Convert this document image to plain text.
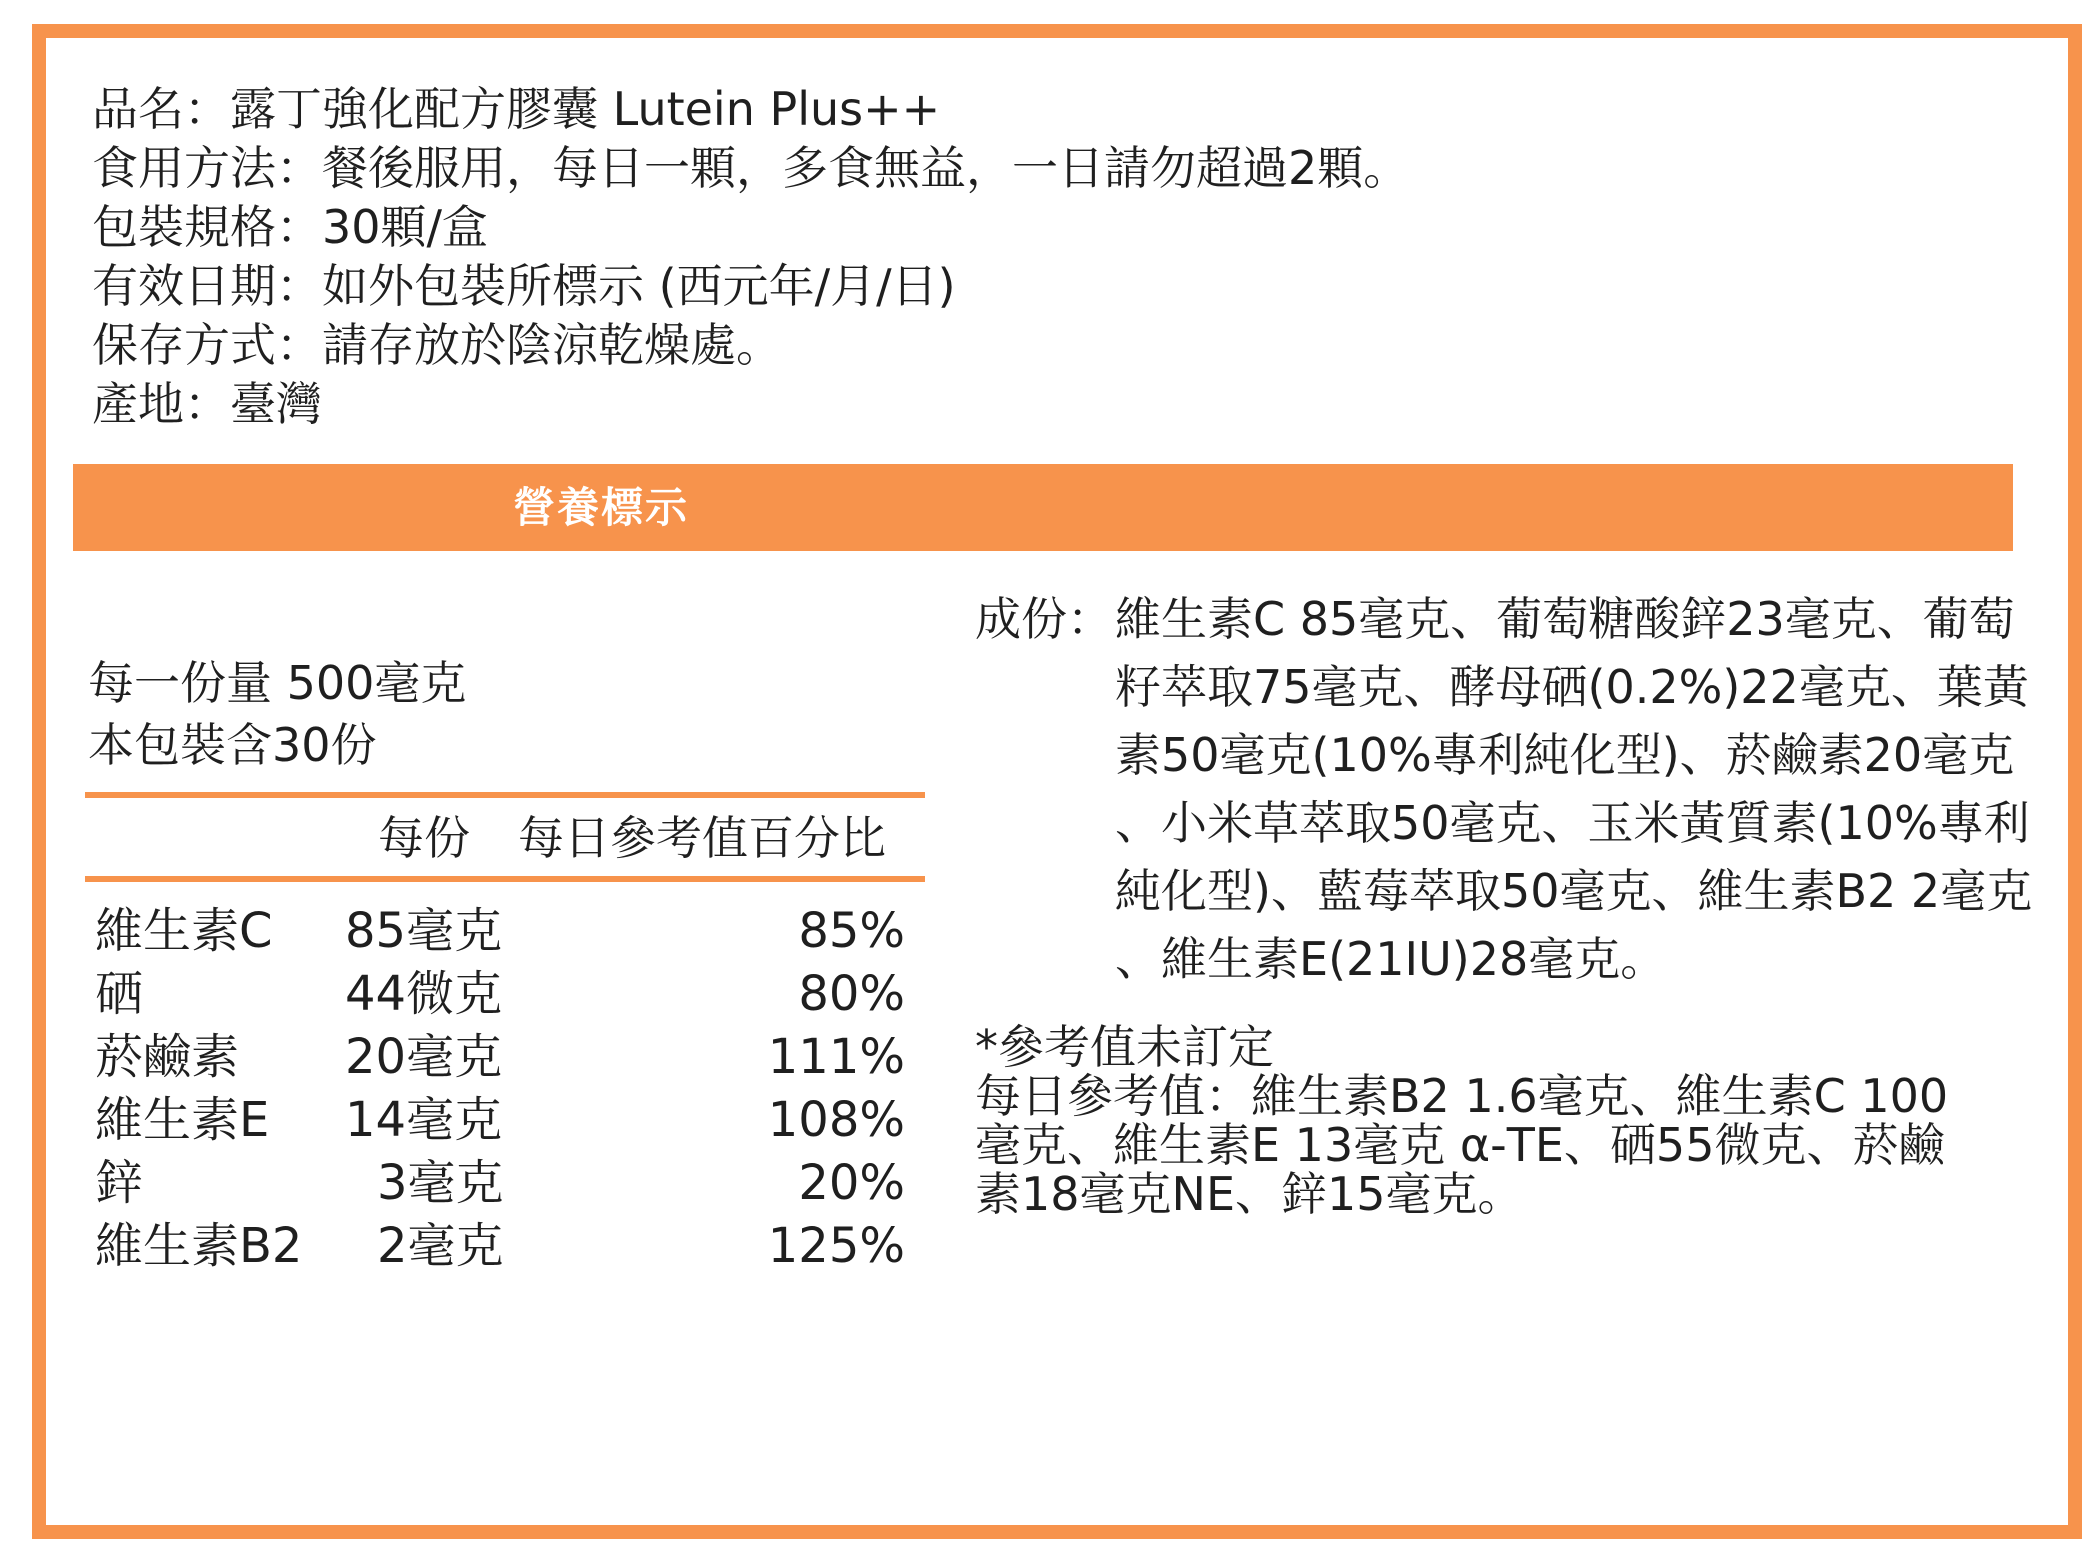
品名：露丁強化配方膠囊 Lutein Plus++
食用方法：餐後服用，每日一顆，多食無益，一日請勿超過2顆。
包裝規格：30顆/盒
有效日期：如外包裝所標示 (西元年/月/日)
保存方式：請存放於陰涼乾燥處。
產地：臺灣
營養標示
每一份量 500毫克
本包裝含30份
每份 每日參考值百分比
維生素C 85毫克	85%
硒	44微克	80%
菸鹼素 20毫克	111%
維生素E 14毫克	108%
鋅	3毫克	20%
維生素B2 2毫克	125%
成份： 維生素C 85毫克、葡萄糖酸鋅23毫克、葡萄
籽萃取75毫克、酵母硒(0.2%)22毫克、葉黃
素50毫克(10%專利純化型)、菸鹼素20毫克
、小米草萃取50毫克、玉米黃質素(10%專利
純化型)、藍莓萃取50毫克、維生素B2 2毫克
、維生素E(21IU)28毫克。
*參考值未訂定
每日參考值：維生素B2 1.6毫克、維生素C 100
毫克、維生素E 13毫克 α-TE、硒55微克、菸鹼
素18毫克NE、鋅15毫克。
